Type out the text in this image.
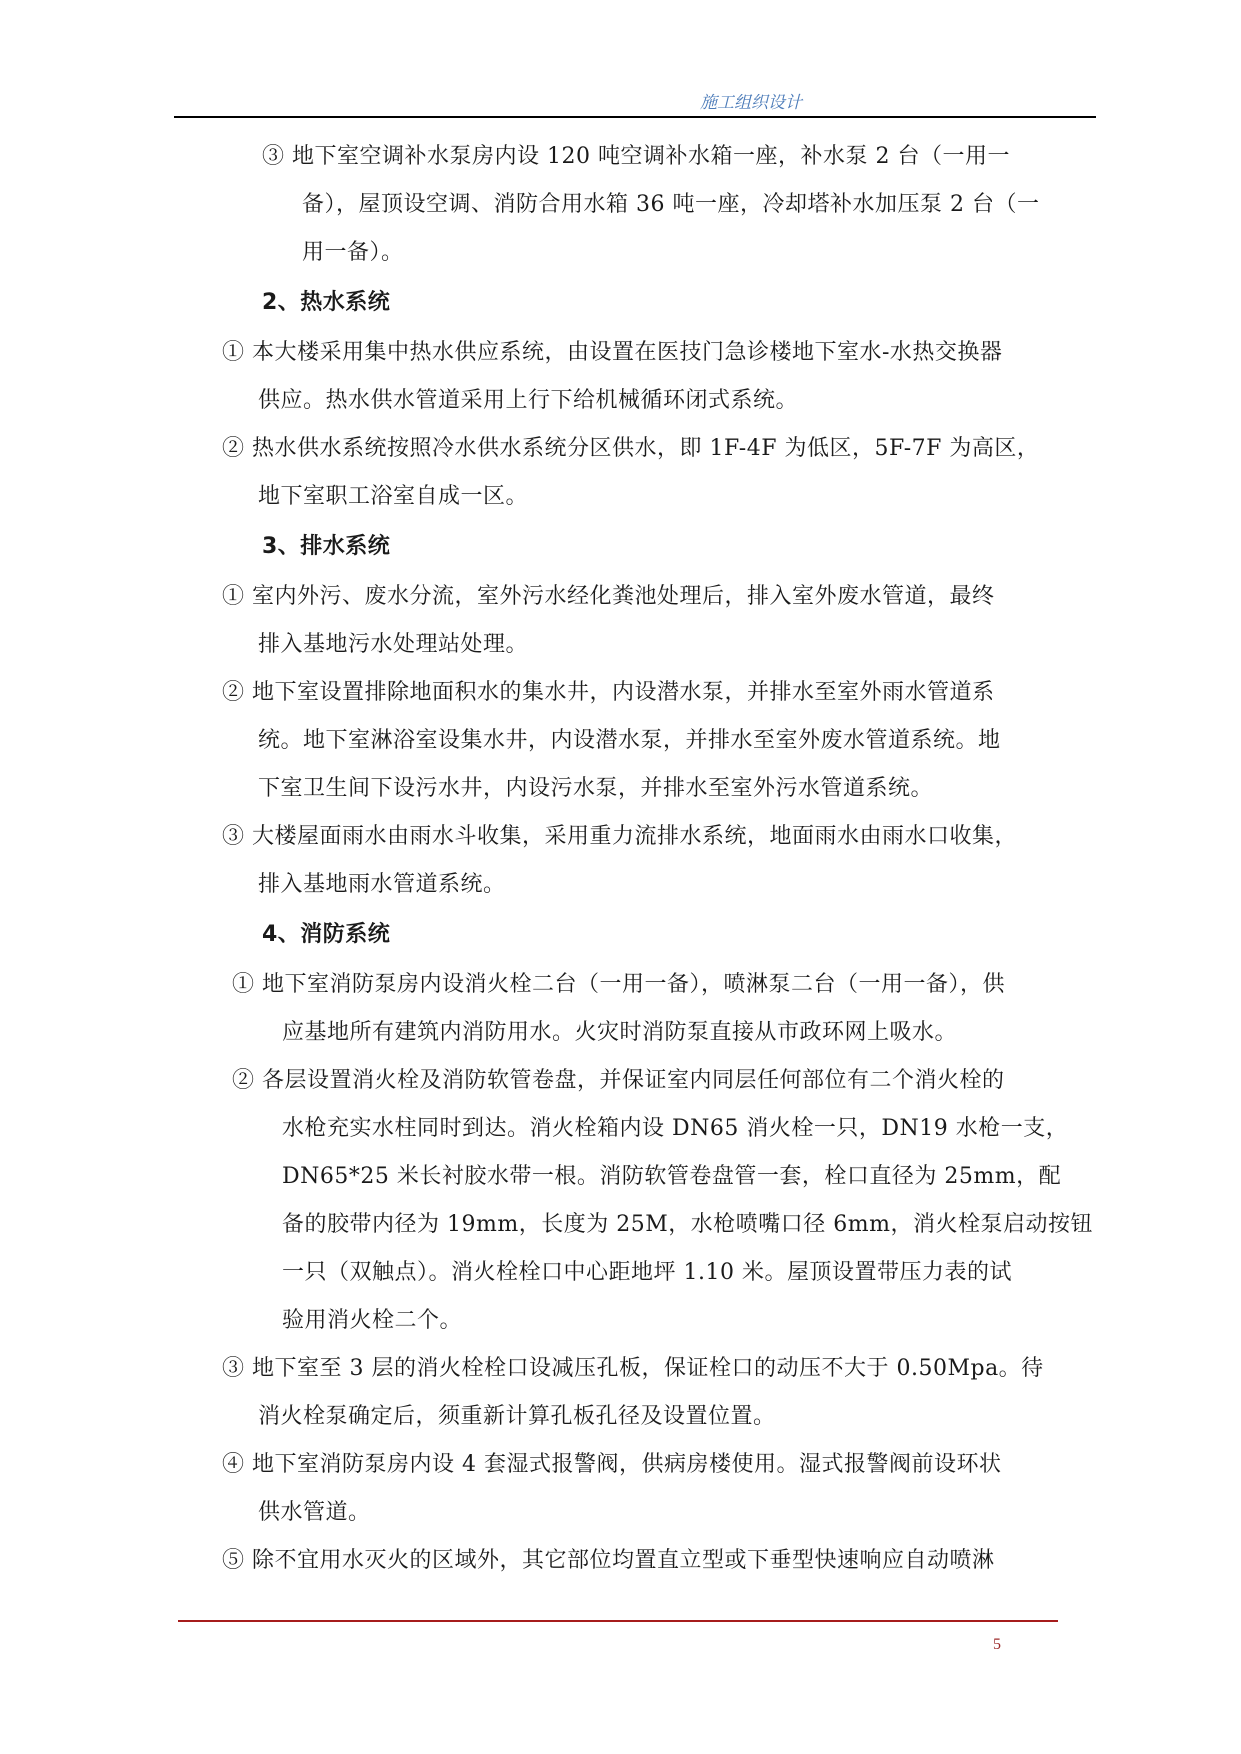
施工组织设计
③ 地下室空调补水泵房内设 120 吨空调补水箱一座，补水泵 2 台（一用一
备），屋顶设空调、消防合用水箱 36 吨一座，冷却塔补水加压泵 2 台（一
用一备）。
2、热水系统
① 本大楼采用集中热水供应系统，由设置在医技门急诊楼地下室水-水热交换器
供应。热水供水管道采用上行下给机械循环闭式系统。
② 热水供水系统按照冷水供水系统分区供水，即 1F-4F 为低区，5F-7F 为高区，
地下室职工浴室自成一区。
3、排水系统
① 室内外污、废水分流，室外污水经化粪池处理后，排入室外废水管道，最终
排入基地污水处理站处理。
② 地下室设置排除地面积水的集水井，内设潜水泵，并排水至室外雨水管道系
统。地下室淋浴室设集水井，内设潜水泵，并排水至室外废水管道系统。地
下室卫生间下设污水井，内设污水泵，并排水至室外污水管道系统。
③ 大楼屋面雨水由雨水斗收集，采用重力流排水系统，地面雨水由雨水口收集，
排入基地雨水管道系统。
4、消防系统
① 地下室消防泵房内设消火栓二台（一用一备），喷淋泵二台（一用一备），供
应基地所有建筑内消防用水。火灾时消防泵直接从市政环网上吸水。
② 各层设置消火栓及消防软管卷盘，并保证室内同层任何部位有二个消火栓的
水枪充实水柱同时到达。消火栓箱内设 DN65 消火栓一只，DN19 水枪一支，
DN65*25 米长衬胶水带一根。消防软管卷盘管一套，栓口直径为 25mm，配
备的胶带内径为 19mm，长度为 25M，水枪喷嘴口径 6mm，消火栓泵启动按钮
一只（双触点）。消火栓栓口中心距地坪 1.10 米。屋顶设置带压力表的试
验用消火栓二个。
③ 地下室至 3 层的消火栓栓口设减压孔板，保证栓口的动压不大于 0.50Mpa。待
消火栓泵确定后，须重新计算孔板孔径及设置位置。
④ 地下室消防泵房内设 4 套湿式报警阀，供病房楼使用。湿式报警阀前设环状
供水管道。
⑤ 除不宜用水灭火的区域外，其它部位均置直立型或下垂型快速响应自动喷淋
5
